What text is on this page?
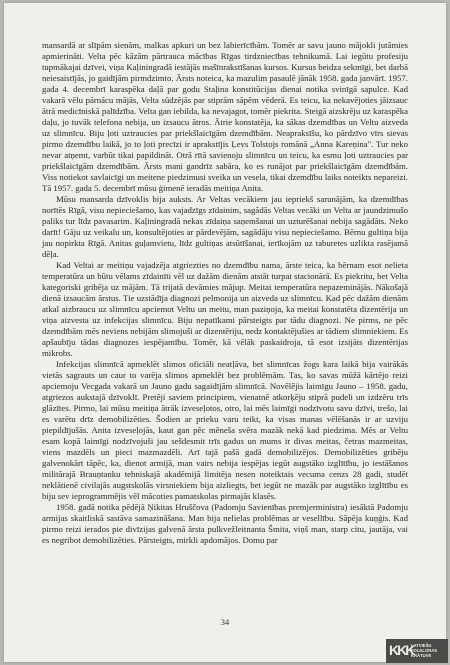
mansardā ar slīpām sienām, malkas apkuri un bez labierīcībām. Tomēr ar savu jauno mājokli jutāmies apmierināti. Velta pēc kāzām pārtrauca mācības Rīgas tirdzniecības tehnikumā. Lai iegūtu profesiju tupmākajai dzīvei, viņa Kaļiningradā iestājās mašīnrakstīšanas kursos. Kursus beidza sekmīgi, bet darbā neiesaistījās, jo gaidījām pirmdzimto. Ārsts noteica, ka mazulim pasaulē jānāk 1958. gada janvārī. 1957. gada 4. decembrī karaspēka daļā par godu Staļina konstitūcijas dienai notika svinīgā sapulce. Kad vakarā vēlu pārnācu mājās, Velta sūdzējās par stiprām sāpēm vēderā. Es teicu, ka nekavējoties jāizsauc ātrā medicīniskā palīdzība. Velta gan iebilda, ka nevajagot, tomēr piekrita. Steigā aizskrēju uz karaspēka daļu, jo tuvāk telefona nebija, un izsaucu ātros. Ātrie konstatēja, ka sākas dzemdības un Veltu aizveda uz slimnīcu. Biju ļoti uztraucies par priekšlaicīgām dzemdībām. Neapraksīšu, ko pārdzīvo vīrs sievas pirmo dzemdību laikā, jo to ļoti precīzi ir aprakstījis Ļevs Tolstojs romānā „Anna Kareņina". Tur neko nevar atņemt, varbūt tikai papildināt. Otrā rītā savienoju slimnīcu un teicu, ka esmu ļoti uztraucies par priekšlaicīgām dzemdībām. Ārsts mani gandrīz sabāra, ko es runājot par priekšlaicīgām dzemdībām. Viss notiekot savlaicīgi un meitene piedzimusi sveika un vesela, tikai dzemdību laiks noteikts nepareizi. Tā 1957. gada 5. decembrī mūsu ģimenē ieradās meitiņa Anita.

Mūsu mansarda dzīvoklis bija auksts. Ar Veltas vecākiem jau iepriekš sarunājām, ka dzemdības norītēs Rīgā, visu nepieciešamo, kas vajadzīgs zīdainim, sagādās Veltas vecāki un Velta ar jaundzimušo paliks tur līdz pavasarim. Kaļiningradā nekas zīdaiņa saņemšanai un uzturēšanai nebija sagādāts. Neko darīt! Gāju uz veikalu un, konsultējoties ar pārdevējām, sagādāju visu nepieciešamo. Bērnu gultiņa bija jau nopirkta Rīgā. Anitas guļamvietu, līdz gultiņas atsūtīšanai, ierīkojām uz taburetes uzlikta rasējamā dēļa.

Kad Veltai ar meitiņu vajadzēja atgriezties no dzemdību nama, ārste teica, ka bērnam esot nelieta temperatūra un būtu vēlams zīdainīti vēl uz dažām dienām atstāt turpat stacionārā. Es piekritu, bet Velta kategoriski gribēja uz mājām. Tā trijatā devāmies mājup. Meitai temperatūra nepazeminājās. Nākošajā dienā izsaucām ārstus. Tie uzstādīja diagnozi pelmonija un aizveda uz slimnīcu. Kad pēc dažām dienām atkal aizbraucu uz slimnīcu apciemot Veltu un meitu, man paziņoja, ka meitai konstatēta dizentērija un viņa aizvesta uz infekcijas slimnīcu. Biju nepatīkami pārsteigts par tādu diagnozi. Ne pirms, ne pēc dzemdībām mēs neviens nebijām slimojuši ar dizentēriju, nedz kontaktējušies ar tādiem slimniekiem. Es apšaubīju tādas diagnozes iespējamību. Tomēr, kā vēlāk paskaidroja, tā esot izsijāts dizentērijas mikrobs.

Infekcijas slimnīcā apmeklēt slimos oficiāli neatļāva, bet slimnīcas žogs kara laikā bija vairākās vietās sagrauts un caur to varēja slimos apmeklēt bez problēmām. Tas, ko savas mūžā kārtējo reizi apciemoju Vecgada vakarā un Jauno gadu sagaidījām slimnīcā. Novēlējis laimīgu Jauno – 1958. gadu, atgriezos aukstajā dzīvoklī. Pretēji saviem principiem, vienatnē atkorķēju stiprā pudeli un izdzēru trīs glāzītes. Pirmo, lai mūsu meitiņa ātrāk izveseļotos, otro, lai mēs laimīgi nodzīvotu savu dzīvi, trešo, lai es varētu drīz demobilizēties. Šodien ar prieku varu teikt, ka visas manas vēlēšanās ir ar uzviju piepildījušās. Anita izveseļojās, kaut gan pēc mēneša svēra mazāk nekā kad piedzima. Mēs ar Veltu esam kopā laimīgi nodzīvojuši jau sešdesmit trīs gadus un mums ir divas meitas, četras mazmeitas, viens mazdēls un pieci mazmazdēli. Arī tajā pašā gadā demobilizējos. Demobilizēties gribēju galvenokārt tāpēc, ka, dienot armijā, man vairs nebija iespējas iegūt augstāko izglītību, jo iestāšanos militārajā Brauņtanku tehniskajā akadēmijā limitēja nesen noteiktais vecuma cenzs 28 gadi, studēt neklātienē civilajās augstskolās virsniekiem bija aizliegts, bet iegūt ne mazāk par augstāko izglītību es biju sev ieprogrammējis vēl mācoties pamatskolas pirmajās klasēs.

1958. gadā notika pēdējā Ņikitas Hruščova (Padomju Savienības premjerministra) iesāktā Padomju armijas skaitliskā sastāva samazināšana. Man bija nelielas problēmas ar vesellību. Sāpēja kuņģis. Kad pirmo reizi ierados pie divīzijas galvenā ārsta pulkvežleitnanta Šmita, viņš man, starp citu, jautāja, vai es negribot demobilizēties. Pārsteigts, mirkli apdomājos. Domu par

34
KKK
LATVIEŠU
FOLKLORAS
KRĀTUVE
